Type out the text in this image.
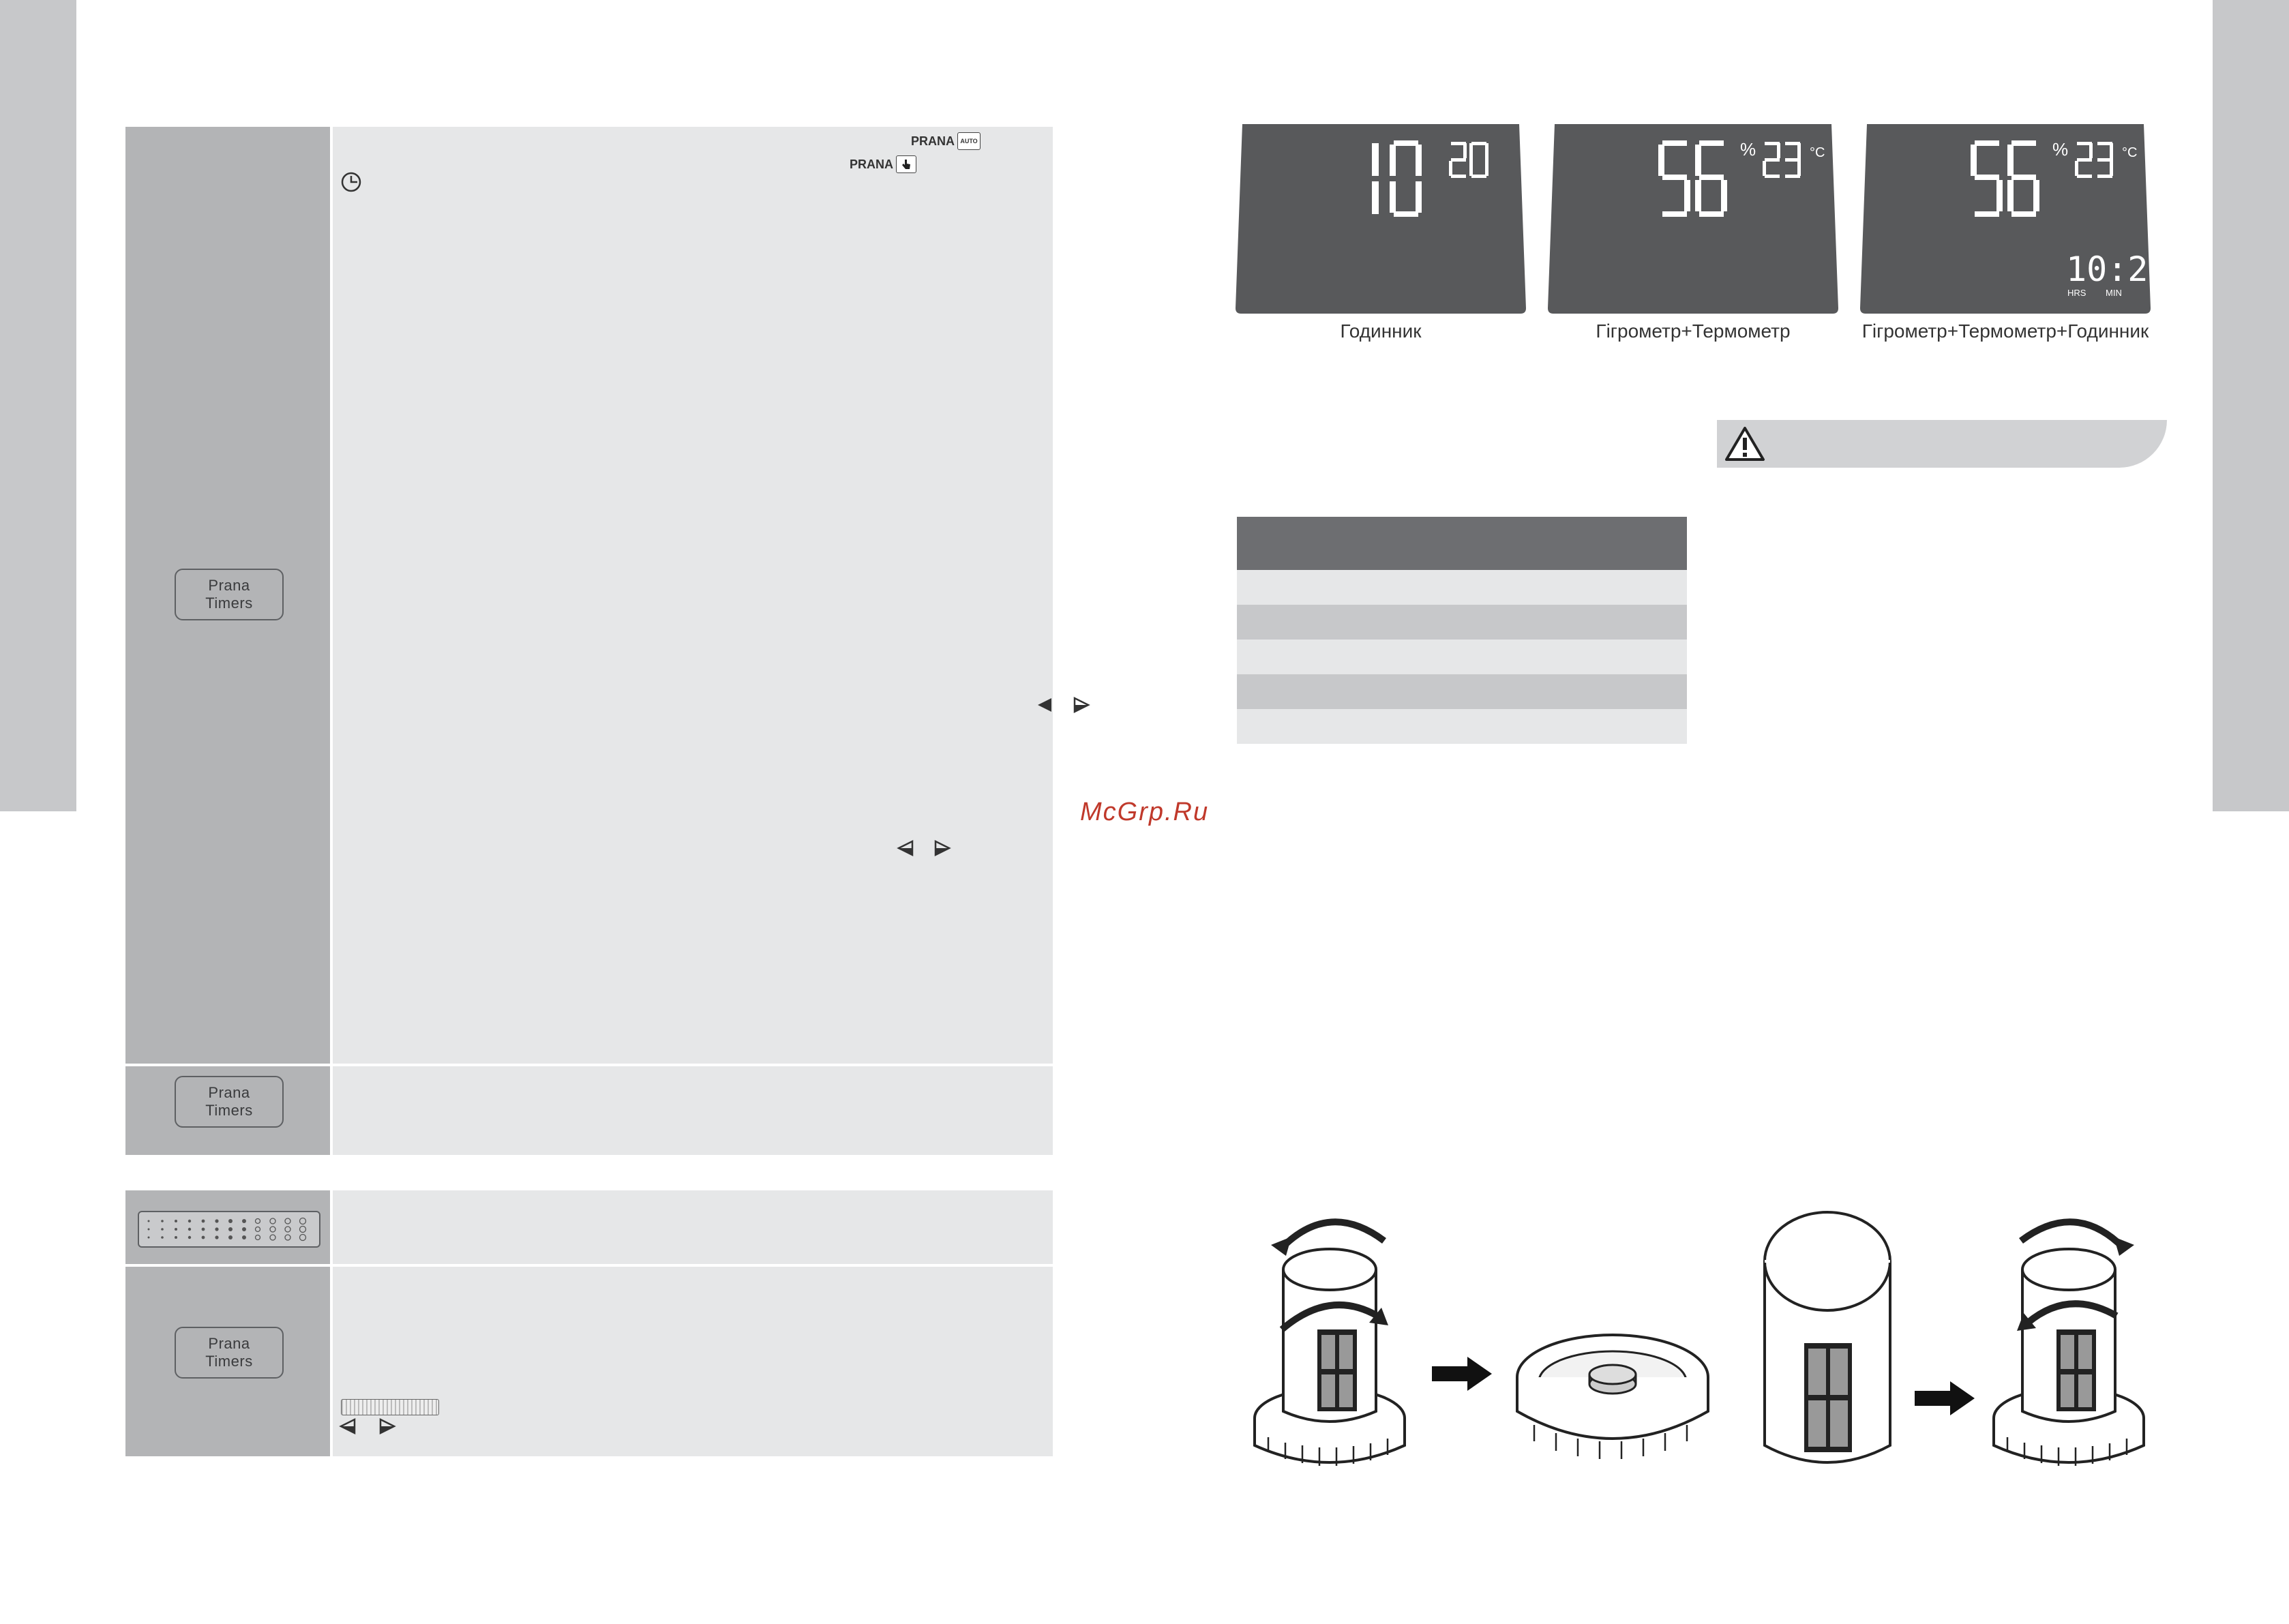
Prana
Timers
PRANA AUTO
PRANA
Prana
Timers
Prana
Timers
Годинник
%	°C
Гігрометр+Термометр
%	°C
10:20
HRS MIN
Гігрометр+Термометр+Годинник
McGrp.Ru
